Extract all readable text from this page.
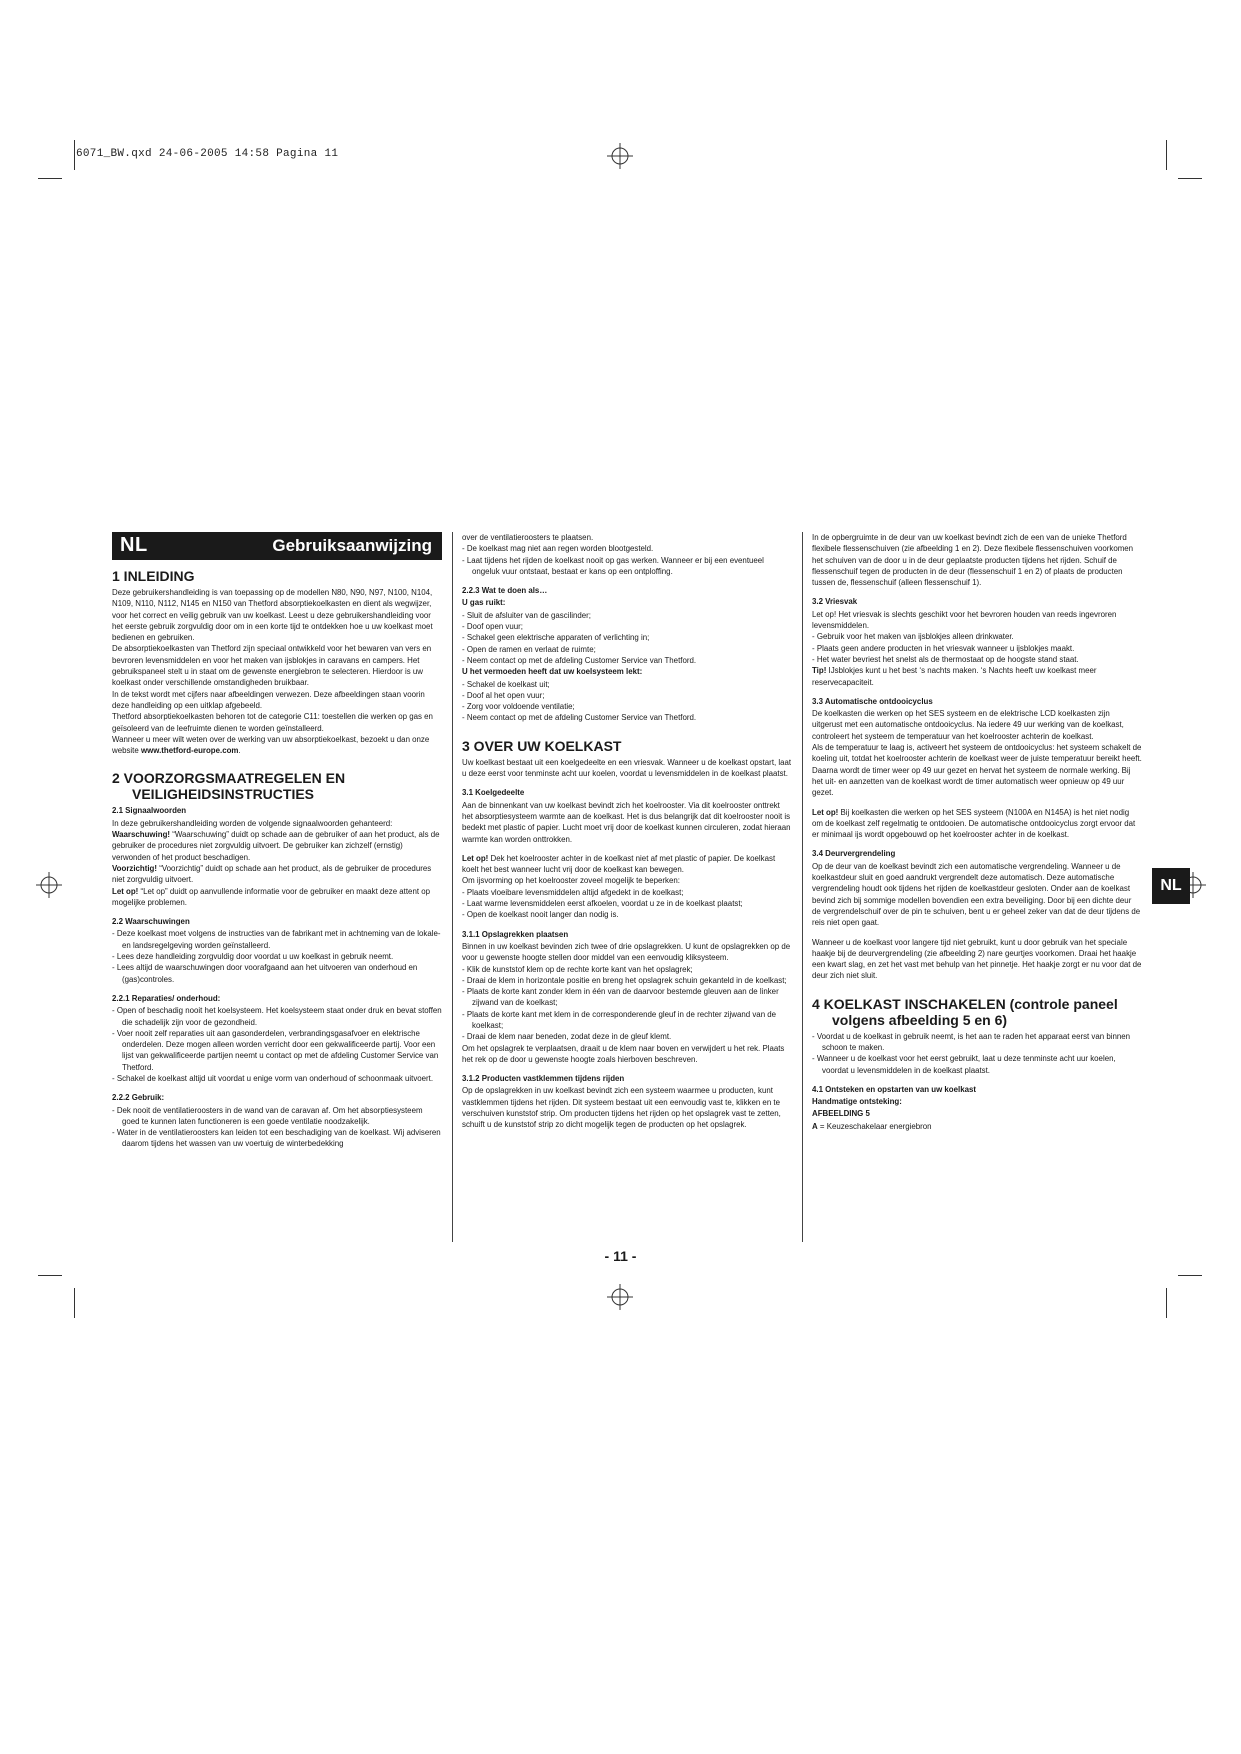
6071_BW.qxd 24-06-2005 14:58 Pagina 11
NL	Gebruiksaanwijzing
1 INLEIDING

Deze gebruikershandleiding is van toepassing op de modellen N80, N90, N97, N100, N104, N109, N110, N112, N145 en N150 van Thetford absorptiekoelkasten en dient als wegwijzer, voor het correct en veilig gebruik van uw koelkast. Leest u deze gebruikershandleiding voor het eerste gebruik zorgvuldig door om in een korte tijd te ontdekken hoe u uw koelkast moet bedienen en gebruiken.

De absorptiekoelkasten van Thetford zijn speciaal ontwikkeld voor het bewaren van vers en bevroren levensmiddelen en voor het maken van ijsblokjes in caravans en campers. Het gebruikspaneel stelt u in staat om de gewenste energiebron te selecteren. Hierdoor is uw koelkast onder verschillende omstandigheden bruikbaar.

In de tekst wordt met cijfers naar afbeeldingen verwezen. Deze afbeeldingen staan voorin deze handleiding op een uitklap afgebeeld.

Thetford absorptiekoelkasten behoren tot de categorie C11: toestellen die werken op gas en geïsoleerd van de leefruimte dienen te worden geïnstalleerd.

Wanneer u meer wilt weten over de werking van uw absorptiekoelkast, bezoekt u dan onze website www.thetford-europe.com.

2 VOORZORGSMAATREGELEN EN
VEILIGHEIDSINSTRUCTIES
2.1 Signaalwoorden

In deze gebruikershandleiding worden de volgende signaalwoorden gehanteerd:

Waarschuwing! “Waarschuwing” duidt op schade aan de gebruiker of aan het product, als de gebruiker de procedures niet zorgvuldig uitvoert. De gebruiker kan zichzelf (ernstig) verwonden of het product beschadigen.

Voorzichtig! “Voorzichtig” duidt op schade aan het product, als de gebruiker de procedures niet zorgvuldig uitvoert.

Let op! “Let op” duidt op aanvullende informatie voor de gebruiker en maakt deze attent op mogelijke problemen.

2.2 Waarschuwingen

- Deze koelkast moet volgens de instructies van de fabrikant met in achtneming van de lokale- en landsregelgeving worden geïnstalleerd.

- Lees deze handleiding zorgvuldig door voordat u uw koelkast in gebruik neemt.

- Lees altijd de waarschuwingen door voorafgaand aan het uitvoeren van onderhoud en (gas)controles.

2.2.1 Reparaties/ onderhoud:

- Open of beschadig nooit het koelsysteem. Het koelsysteem staat onder druk en bevat stoffen die schadelijk zijn voor de gezondheid.

- Voer nooit zelf reparaties uit aan gasonderdelen, verbrandingsgasafvoer en elektrische onderdelen. Deze mogen alleen worden verricht door een gekwalificeerde partij. Voor een lijst van gekwalificeerde partijen neemt u contact op met de afdeling Customer Service van Thetford.

- Schakel de koelkast altijd uit voordat u enige vorm van onderhoud of schoonmaak uitvoert.

2.2.2 Gebruik:

- Dek nooit de ventilatieroosters in de wand van de caravan af. Om het absorptiesysteem goed te kunnen laten functioneren is een goede ventilatie noodzakelijk.

- Water in de ventilatieroosters kan leiden tot een beschadiging van de koelkast. Wij adviseren daarom tijdens het wassen van uw voertuig de winterbedekking

over de ventilatieroosters te plaatsen.

- De koelkast mag niet aan regen worden blootgesteld.

- Laat tijdens het rijden de koelkast nooit op gas werken. Wanneer er bij een eventueel ongeluk vuur ontstaat, bestaat er kans op een ontploffing.

2.2.3 Wat te doen als…
U gas ruikt:

- Sluit de afsluiter van de gascilinder;

- Doof open vuur;

- Schakel geen elektrische apparaten of verlichting in;

- Open de ramen en verlaat de ruimte;

- Neem contact op met de afdeling Customer Service van Thetford.

U het vermoeden heeft dat uw koelsysteem lekt:

- Schakel de koelkast uit;

- Doof al het open vuur;

- Zorg voor voldoende ventilatie;

- Neem contact op met de afdeling Customer Service van Thetford.

3 OVER UW KOELKAST

Uw koelkast bestaat uit een koelgedeelte en een vriesvak. Wanneer u de koelkast opstart, laat u deze eerst voor tenminste acht uur koelen, voordat u levensmiddelen in de koelkast plaatst.

3.1 Koelgedeelte

Aan de binnenkant van uw koelkast bevindt zich het koelrooster. Via dit koelrooster onttrekt het absorptiesysteem warmte aan de koelkast. Het is dus belangrijk dat dit koelrooster nooit is bedekt met plastic of papier. Lucht moet vrij door de koelkast kunnen circuleren, zodat hieraan warmte kan worden onttrokken.

Let op! Dek het koelrooster achter in de koelkast niet af met plastic of papier. De koelkast koelt het best wanneer lucht vrij door de koelkast kan bewegen.

Om ijsvorming op het koelrooster zoveel mogelijk te beperken:

- Plaats vloeibare levensmiddelen altijd afgedekt in de koelkast;

- Laat warme levensmiddelen eerst afkoelen, voordat u ze in de koelkast plaatst;

- Open de koelkast nooit langer dan nodig is.

3.1.1 Opslagrekken plaatsen

Binnen in uw koelkast bevinden zich twee of drie opslagrekken. U kunt de opslagrekken op de voor u gewenste hoogte stellen door middel van een eenvoudig kliksysteem.

- Klik de kunststof klem op de rechte korte kant van het opslagrek;

- Draai de klem in horizontale positie en breng het opslagrek schuin gekanteld in de koelkast;

- Plaats de korte kant zonder klem in één van de daarvoor bestemde gleuven aan de linker zijwand van de koelkast;

- Plaats de korte kant met klem in de corresponderende gleuf in de rechter zijwand van de koelkast;

- Draai de klem naar beneden, zodat deze in de gleuf klemt.

Om het opslagrek te verplaatsen, draait u de klem naar boven en verwijdert u het rek. Plaats het rek op de door u gewenste hoogte zoals hierboven beschreven.

3.1.2 Producten vastklemmen tijdens rijden

Op de opslagrekken in uw koelkast bevindt zich een systeem waarmee u producten, kunt vastklemmen tijdens het rijden. Dit systeem bestaat uit een eenvoudig vast te, klikken en te verschuiven kunststof strip. Om producten tijdens het rijden op het opslagrek vast te zetten, schuift u de kunststof strip zo dicht mogelijk tegen de producten op het opslagrek.

In de opbergruimte in de deur van uw koelkast bevindt zich de een van de unieke Thetford flexibele flessenschuiven (zie afbeelding 1 en 2). Deze flexibele flessenschuiven voorkomen het schuiven van de door u in de deur geplaatste producten tijdens het rijden. Schuif de flessenschuif tegen de producten in de deur (flessenschuif 1 en 2) of plaats de producten tussen de, flessenschuif (alleen flessenschuif 1).

3.2 Vriesvak

Let op! Het vriesvak is slechts geschikt voor het bevroren houden van reeds ingevroren levensmiddelen.

- Gebruik voor het maken van ijsblokjes alleen drinkwater.

- Plaats geen andere producten in het vriesvak wanneer u ijsblokjes maakt.

- Het water bevriest het snelst als de thermostaat op de hoogste stand staat.

Tip! IJsblokjes kunt u het best ‘s nachts maken. ‘s Nachts heeft uw koelkast meer reservecapaciteit.

3.3 Automatische ontdooicyclus

De koelkasten die werken op het SES systeem en de elektrische LCD koelkasten zijn uitgerust met een automatische ontdooicyclus. Na iedere 49 uur werking van de koelkast, controleert het systeem de temperatuur van het koelrooster achterin de koelkast.

Als de temperatuur te laag is, activeert het systeem de ontdooicyclus: het systeem schakelt de koeling uit, totdat het koelrooster achterin de koelkast weer de juiste temperatuur bereikt heeft. Daarna wordt de timer weer op 49 uur gezet en hervat het systeem de normale werking. Bij het uit- en aanzetten van de koelkast wordt de timer automatisch weer opnieuw op 49 uur gezet.

Let op! Bij koelkasten die werken op het SES systeem (N100A en N145A) is het niet nodig om de koelkast zelf regelmatig te ontdooien. De automatische ontdooicyclus zorgt ervoor dat er minimaal ijs wordt opgebouwd op het koelrooster achter in de koelkast.

3.4 Deurvergrendeling

Op de deur van de koelkast bevindt zich een automatische vergrendeling. Wanneer u de koelkastdeur sluit en goed aandrukt vergrendelt deze automatisch. Deze automatische vergrendeling houdt ook tijdens het rijden de koelkastdeur gesloten. Onder aan de koelkast bevind zich bij sommige modellen bovendien een extra beveiliging. Door bij een dichte deur de vergrendelschuif over de pin te schuiven, bent u er geheel zeker van dat de deur tijdens de reis niet open gaat.

Wanneer u de koelkast voor langere tijd niet gebruikt, kunt u door gebruik van het speciale haakje bij de deurvergrendeling (zie afbeelding 2) nare geurtjes voorkomen. Draai het haakje een kwart slag, en zet het vast met behulp van het pinnetje. Het haakje zorgt er nu voor dat de deur zich niet sluit.

4 KOELKAST INSCHAKELEN (controle paneel
volgens afbeelding 5 en 6)

- Voordat u de koelkast in gebruik neemt, is het aan te raden het apparaat eerst van binnen schoon te maken.

- Wanneer u de koelkast voor het eerst gebruikt, laat u deze tenminste acht uur koelen, voordat u levensmiddelen in de koelkast plaatst.

4.1 Ontsteken en opstarten van uw koelkast
Handmatige ontsteking:
AFBEELDING 5

A = Keuzeschakelaar energiebron

NL
- 11 -
